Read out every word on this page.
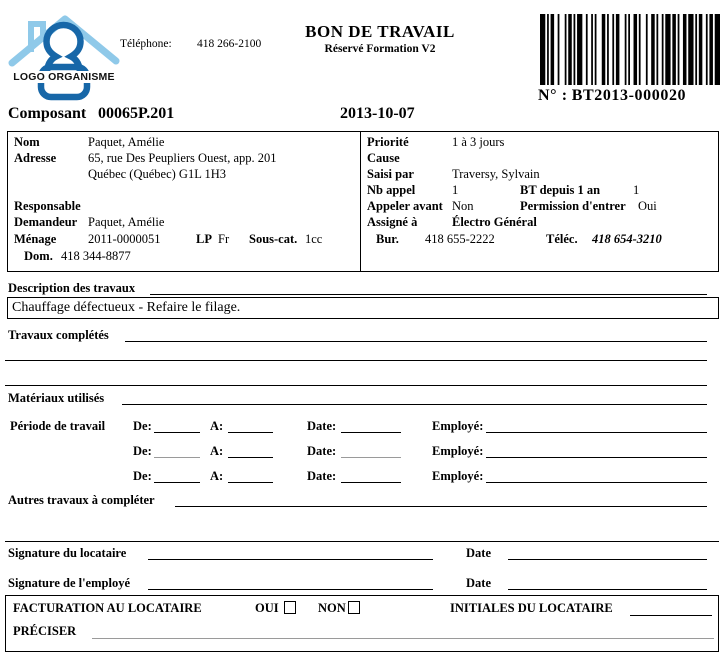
LOGO ORGANISME
Téléphone: 418 266-2100
BON DE TRAVAIL
Réservé Formation V2
N° : BT2013-000020
Composant 00065P.201	2013-10-07
Nom	Paquet, Amélie
Adresse	65, rue Des Peupliers Ouest, app. 201
Québec (Québec) G1L 1H3
Responsable
Demandeur Paquet, Amélie
Ménage	2011-0000051	LP Fr Sous-cat. 1cc
Dom. 418 344-8877
Priorité	1 à 3 jours
Cause
Saisi par	Traversy, Sylvain
Nb appel	1	BT depuis 1 an	1
Appeler avant Non	Permission d'entrer Oui
Assigné à	Électro Général
Bur. 418 655-2222	Téléc. 418 654-3210
Description des travaux
Chauffage défectueux - Refaire le filage.
Travaux complétés
Matériaux utilisés
Période de travail De:	A:	Date:	Employé:
De:	A:	Date:	Employé:
De:	A:	Date:	Employé:
Autres travaux à compléter
Signature du locataire	Date
Signature de l'employé	Date
FACTURATION AU LOCATAIRE	OUI	NON	INITIALES DU LOCATAIRE
PRÉCISER
